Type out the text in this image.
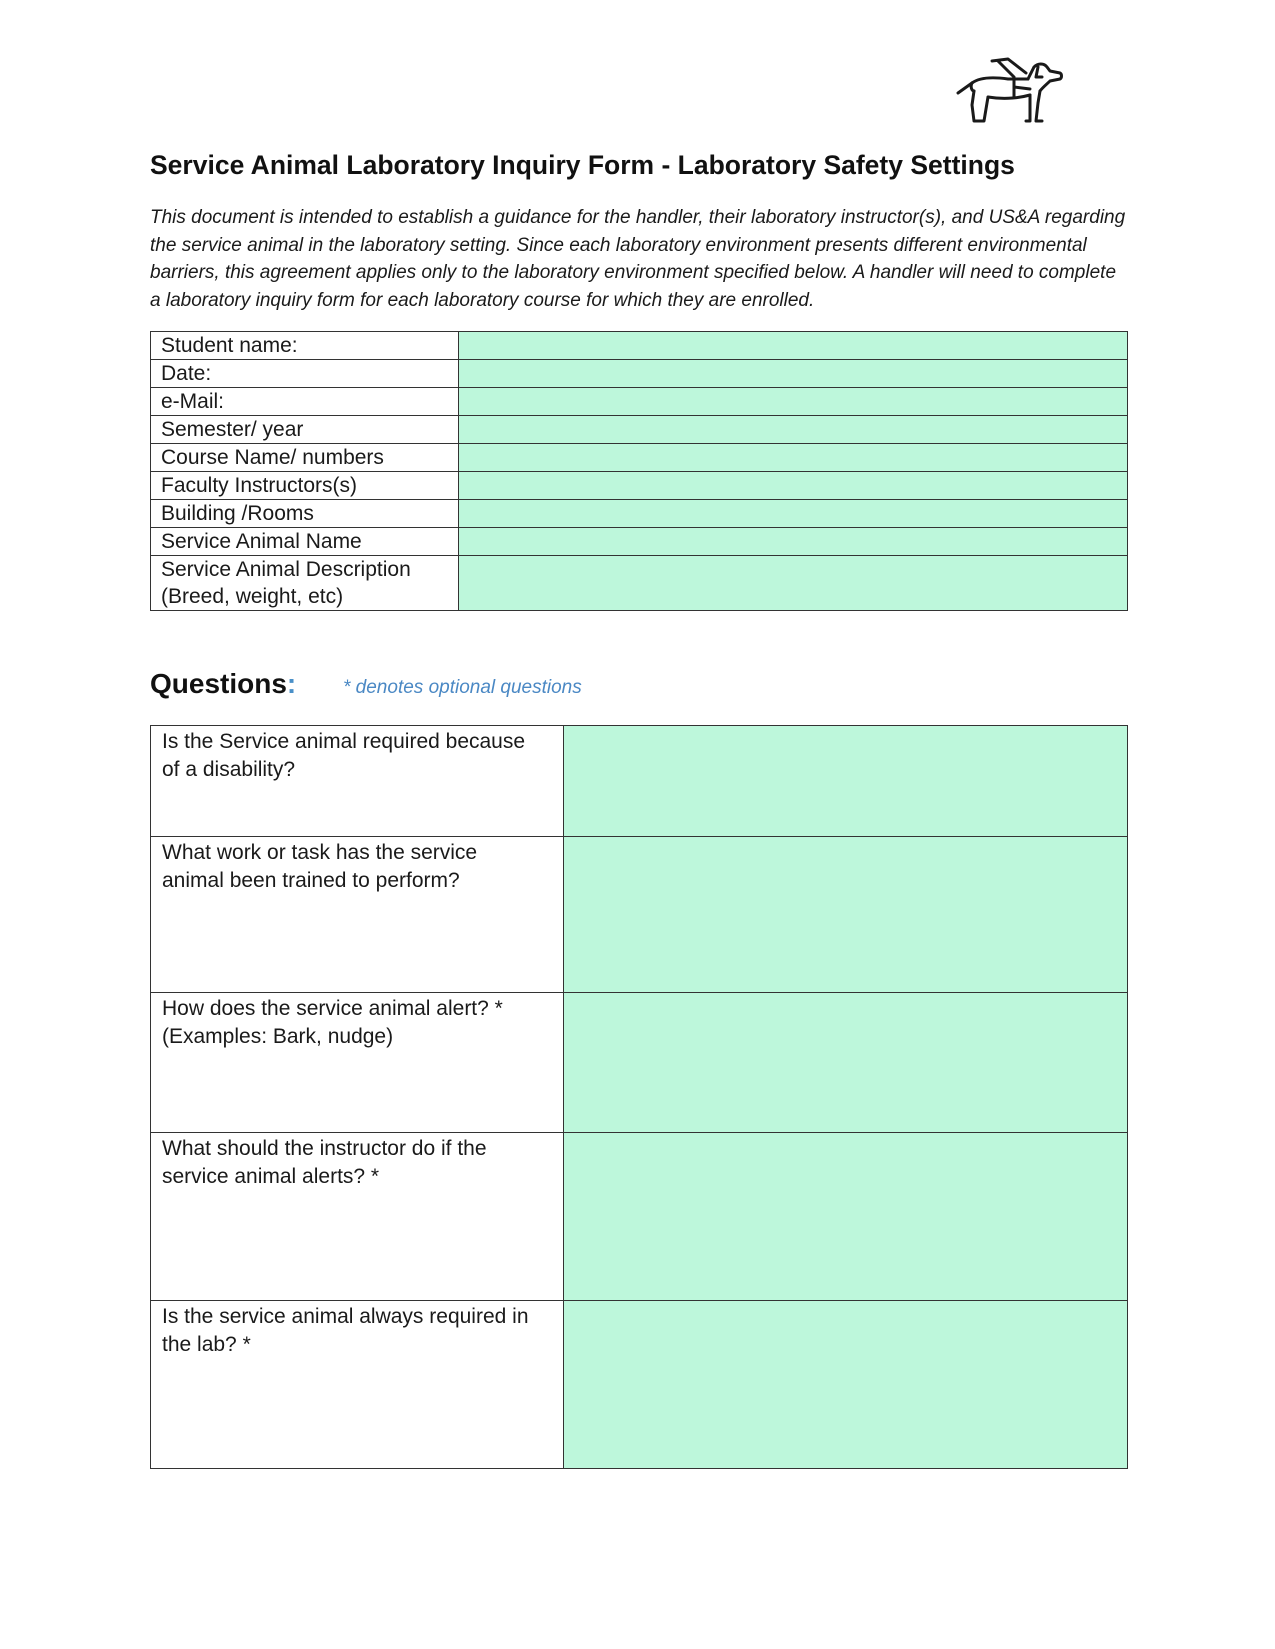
Service Animal Laboratory Inquiry Form - Laboratory Safety Settings

This document is intended to establish a guidance for the handler, their laboratory instructor(s), and US&A regarding the service animal in the laboratory setting. Since each laboratory environment presents different environmental barriers, this agreement applies only to the laboratory environment specified below. A handler will need to complete a laboratory inquiry form for each laboratory course for which they are enrolled.

Student name:	
Date:	
e-Mail:	
Semester/ year	
Course Name/ numbers	
Faculty Instructors(s)	
Building /Rooms	
Service Animal Name	
Service Animal Description
(Breed, weight, etc)	
Questions: * denotes optional questions
Is the Service animal required because
of a disability?	
What work or task has the service
animal been trained to perform?	
How does the service animal alert? *
(Examples: Bark, nudge)	
What should the instructor do if the
service animal alerts? *	
Is the service animal always required in
the lab? *	
